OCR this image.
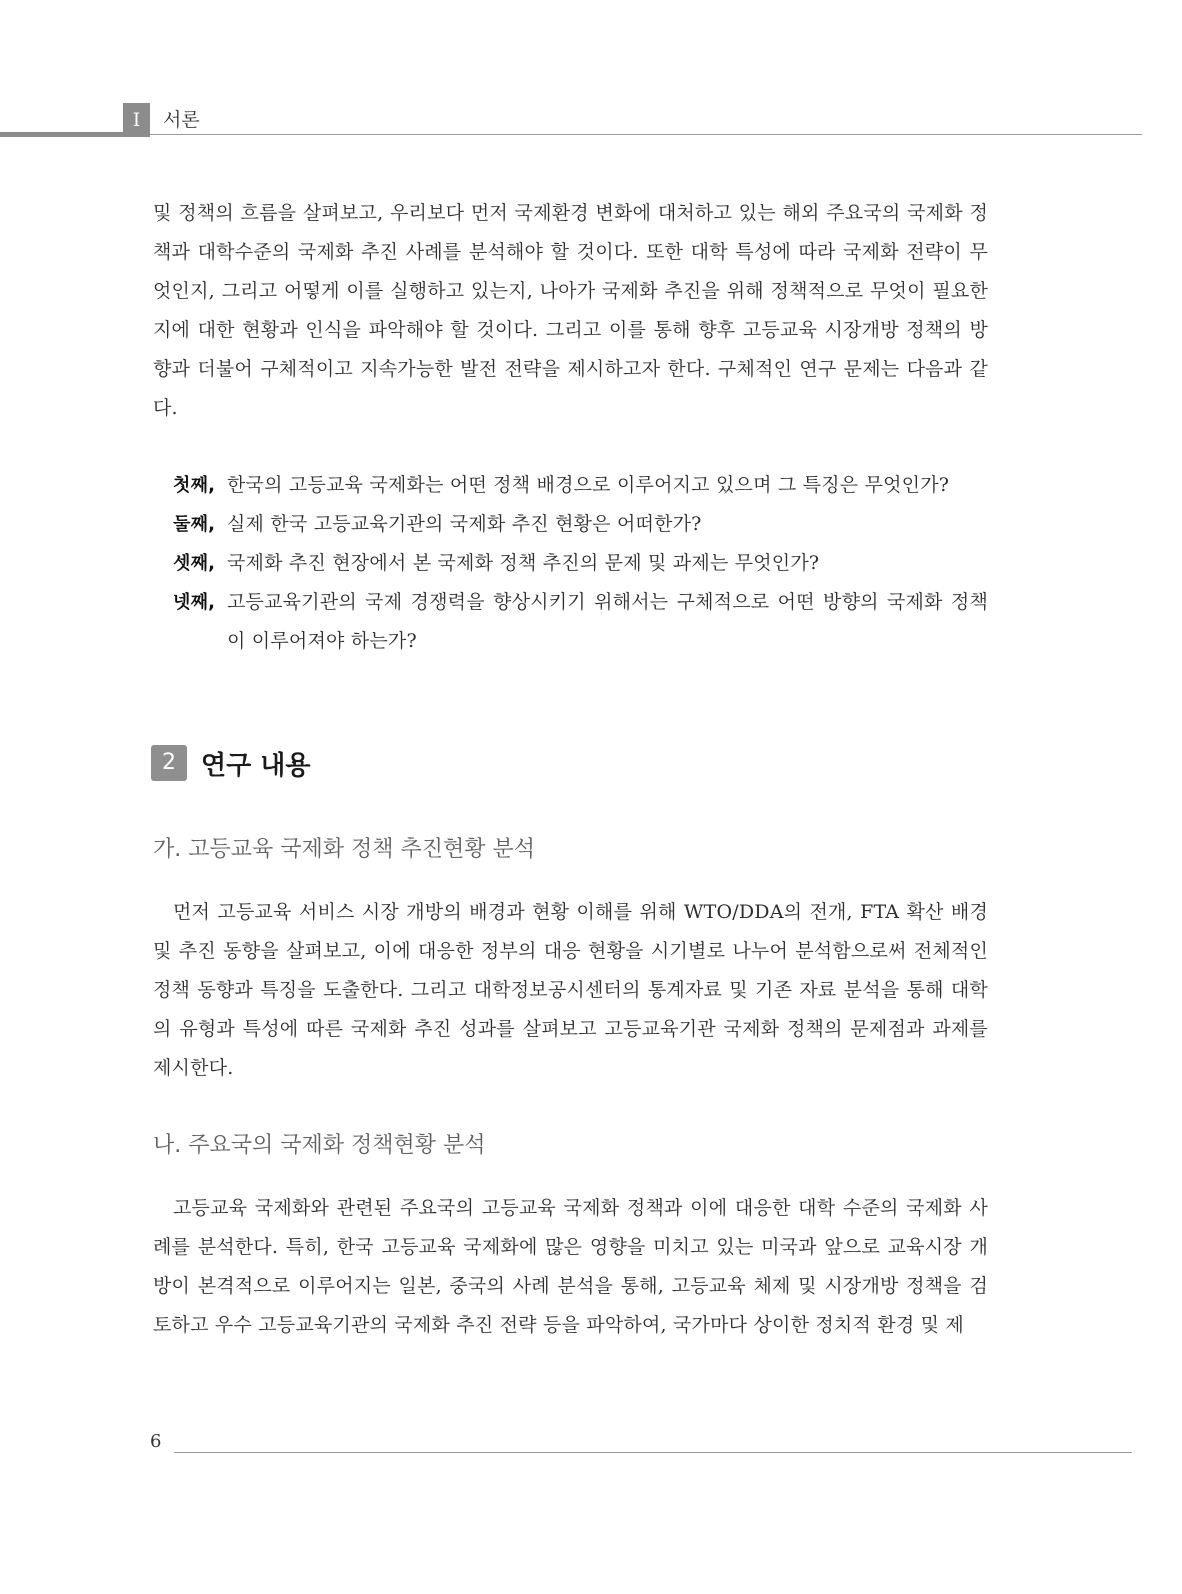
I	서론

및 정책의 흐름을 살펴보고, 우리보다 먼저 국제환경 변화에 대처하고 있는 해외 주요국의 국제화 정책과 대학수준의 국제화 추진 사례를 분석해야 할 것이다. 또한 대학 특성에 따라 국제화 전략이 무엇인지, 그리고 어떻게 이를 실행하고 있는지, 나아가 국제화 추진을 위해 정책적으로 무엇이 필요한지에 대한 현황과 인식을 파악해야 할 것이다. 그리고 이를 통해 향후 고등교육 시장개방 정책의 방향과 더불어 구체적이고 지속가능한 발전 전략을 제시하고자 한다. 구체적인 연구 문제는 다음과 같다.

첫째, 한국의 고등교육 국제화는 어떤 정책 배경으로 이루어지고 있으며 그 특징은 무엇인가?
둘째, 실제 한국 고등교육기관의 국제화 추진 현황은 어떠한가?
셋째, 국제화 추진 현장에서 본 국제화 정책 추진의 문제 및 과제는 무엇인가?
넷째, 고등교육기관의 국제 경쟁력을 향상시키기 위해서는 구체적으로 어떤 방향의 국제화 정책이 이루어져야 하는가?
2 연구 내용
가. 고등교육 국제화 정책 추진현황 분석

먼저 고등교육 서비스 시장 개방의 배경과 현황 이해를 위해 WTO/DDA의 전개, FTA 확산 배경 및 추진 동향을 살펴보고, 이에 대응한 정부의 대응 현황을 시기별로 나누어 분석함으로써 전체적인 정책 동향과 특징을 도출한다. 그리고 대학정보공시센터의 통계자료 및 기존 자료 분석을 통해 대학의 유형과 특성에 따른 국제화 추진 성과를 살펴보고 고등교육기관 국제화 정책의 문제점과 과제를 제시한다.

나. 주요국의 국제화 정책현황 분석

고등교육 국제화와 관련된 주요국의 고등교육 국제화 정책과 이에 대응한 대학 수준의 국제화 사례를 분석한다. 특히, 한국 고등교육 국제화에 많은 영향을 미치고 있는 미국과 앞으로 교육시장 개방이 본격적으로 이루어지는 일본, 중국의 사례 분석을 통해, 고등교육 체제 및 시장개방 정책을 검토하고 우수 고등교육기관의 국제화 추진 전략 등을 파악하여, 국가마다 상이한 정치적 환경 및 제

6
